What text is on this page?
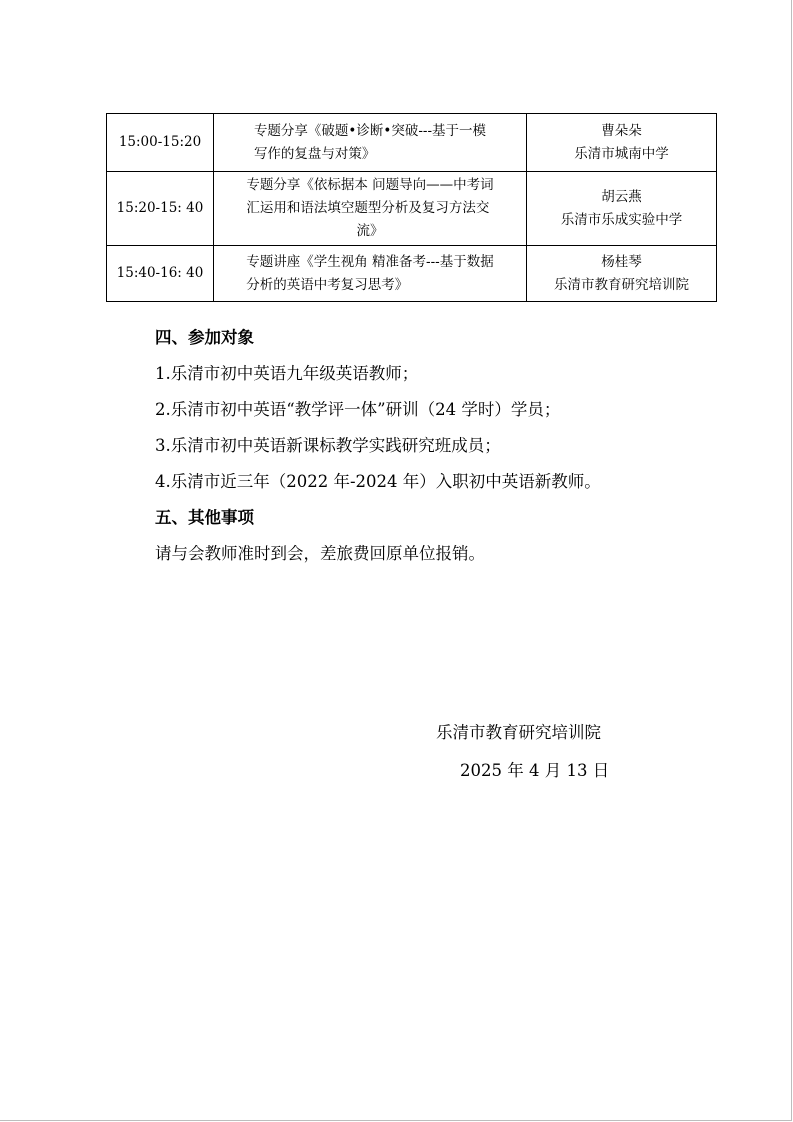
15:00-15:20	专题分享《破题•诊断•突破---基于一模
写作的复盘与对策》	曹朵朵
乐清市城南中学
15:20-15: 40	专题分享《依标据本 问题导向——中考词
汇运用和语法填空题型分析及复习方法交
流》	胡云燕
乐清市乐成实验中学
15:40-16: 40	专题讲座《学生视角 精准备考---基于数据
分析的英语中考复习思考》	杨桂琴
乐清市教育研究培训院
四、参加对象
1.乐清市初中英语九年级英语教师；
2.乐清市初中英语“教学评一体”研训（24 学时）学员；
3.乐清市初中英语新课标教学实践研究班成员；
4.乐清市近三年（2022 年-2024 年）入职初中英语新教师。
五、其他事项
请与会教师准时到会，差旅费回原单位报销。
乐清市教育研究培训院
2025 年 4 月 13 日
